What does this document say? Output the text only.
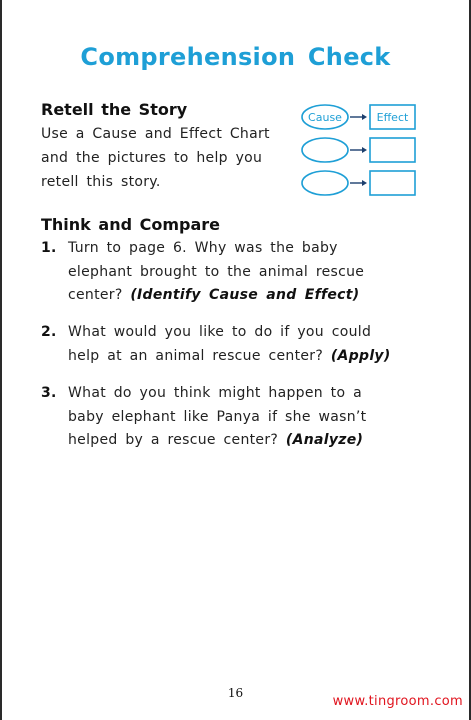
Comprehension Check
Retell the Story
Use a Cause and Effect Chart
and the pictures to help you
retell this story.
Cause	Effect
Think and Compare
1. Turn to page 6. Why was the baby
elephant brought to the animal rescue
center? (Identify Cause and Effect)
2. What would you like to do if you could
help at an animal rescue center? (Apply)
3. What do you think might happen to a
baby elephant like Panya if she wasn’t
helped by a rescue center? (Analyze)
16
www.tingroom.com
